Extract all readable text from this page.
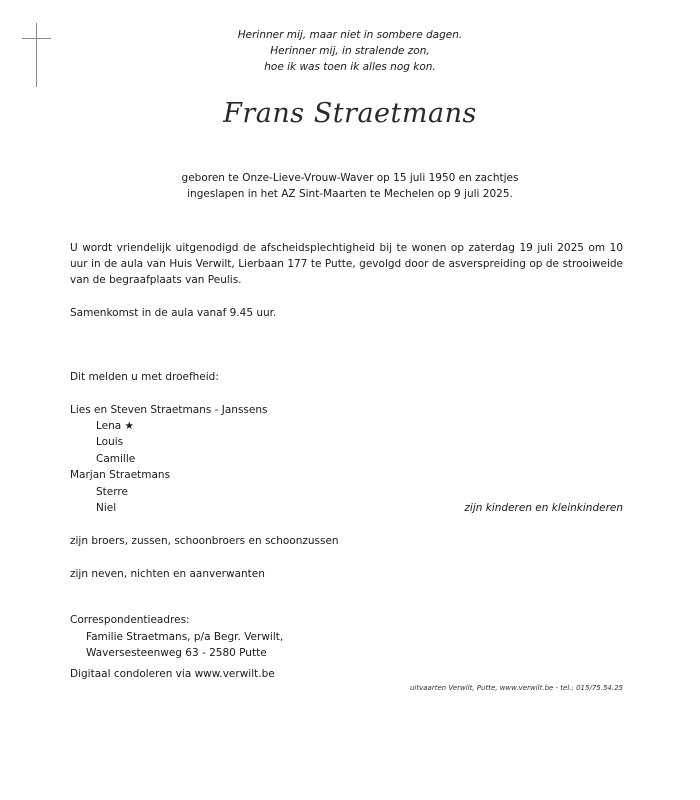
Herinner mij, maar niet in sombere dagen.
Herinner mij, in stralende zon,
hoe ik was toen ik alles nog kon.
Frans Straetmans
geboren te Onze-Lieve-Vrouw-Waver op 15 juli 1950 en zachtjes
ingeslapen in het AZ Sint-Maarten te Mechelen op 9 juli 2025.
U wordt vriendelijk uitgenodigd de afscheidsplechtigheid bij te wonen op zaterdag 19 juli 2025 om 10 uur in de aula van Huis Verwilt, Lierbaan 177 te Putte, gevolgd door de asverspreiding op de strooiweide van de begraafplaats van Peulis.
Samenkomst in de aula vanaf 9.45 uur.
Dit melden u met droefheid:
Lies en Steven Straetmans - Janssens
Lena ★
Louis
Camille
Marjan Straetmans
Sterre
Niel	zijn kinderen en kleinkinderen
zijn broers, zussen, schoonbroers en schoonzussen
zijn neven, nichten en aanverwanten
Correspondentieadres:
Familie Straetmans, p/a Begr. Verwilt,
Waversesteenweg 63 - 2580 Putte
Digitaal condoleren via www.verwilt.be
uitvaarten Verwilt, Putte, www.verwilt.be - tel.: 015/75.54.25
